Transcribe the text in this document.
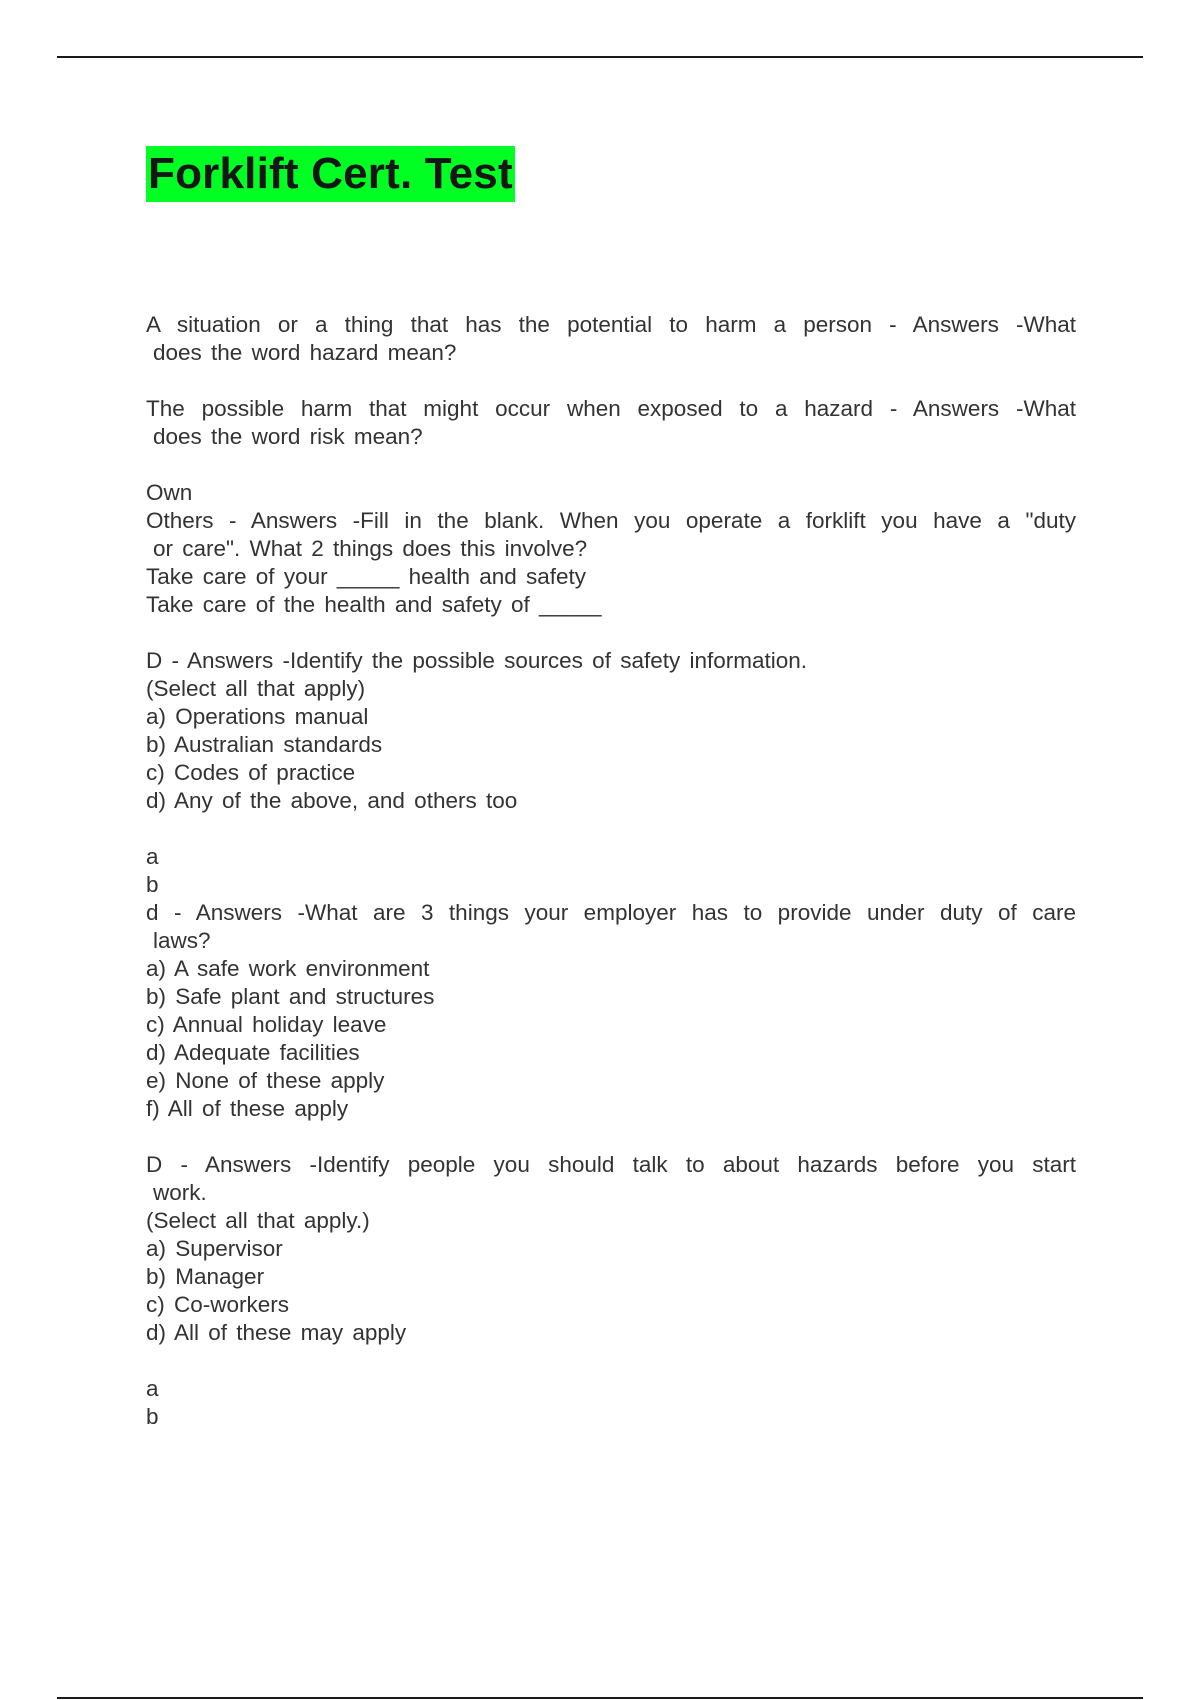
Forklift Cert. Test
A situation or a thing that has the potential to harm a person - Answers -What
does the word hazard mean?
The possible harm that might occur when exposed to a hazard - Answers -What
does the word risk mean?
Own
Others - Answers -Fill in the blank. When you operate a forklift you have a "duty
or care". What 2 things does this involve?
Take care of your _____ health and safety
Take care of the health and safety of _____
D - Answers -Identify the possible sources of safety information.
(Select all that apply)
a) Operations manual
b) Australian standards
c) Codes of practice
d) Any of the above, and others too
a
b
d - Answers -What are 3 things your employer has to provide under duty of care
laws?
a) A safe work environment
b) Safe plant and structures
c) Annual holiday leave
d) Adequate facilities
e) None of these apply
f) All of these apply
D - Answers -Identify people you should talk to about hazards before you start
work.
(Select all that apply.)
a) Supervisor
b) Manager
c) Co-workers
d) All of these may apply
a
b
